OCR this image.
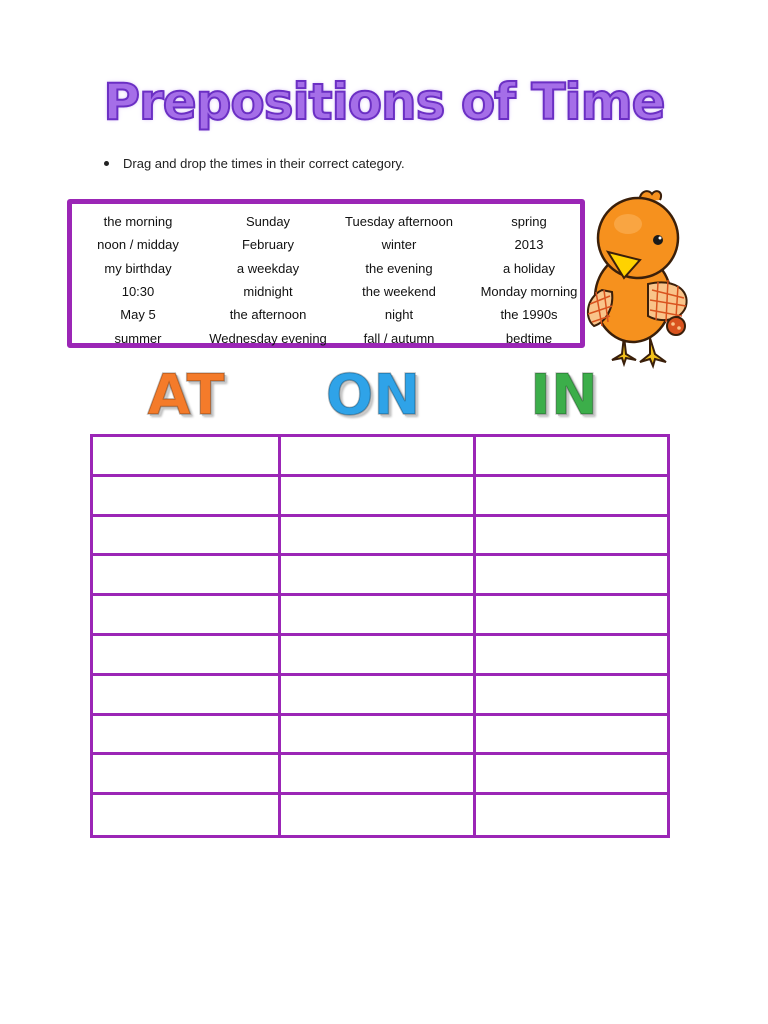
Prepositions of Time
Drag and drop the times in their correct category.
the morning
noon / midday
my birthday
10:30
May 5
summer
Sunday
February
a weekday
midnight
the afternoon
Wednesday evening
Tuesday afternoon
winter
the evening
the weekend
night
fall / autumn
spring
2013
a holiday
Monday morning
the 1990s
bedtime
AT ON IN
